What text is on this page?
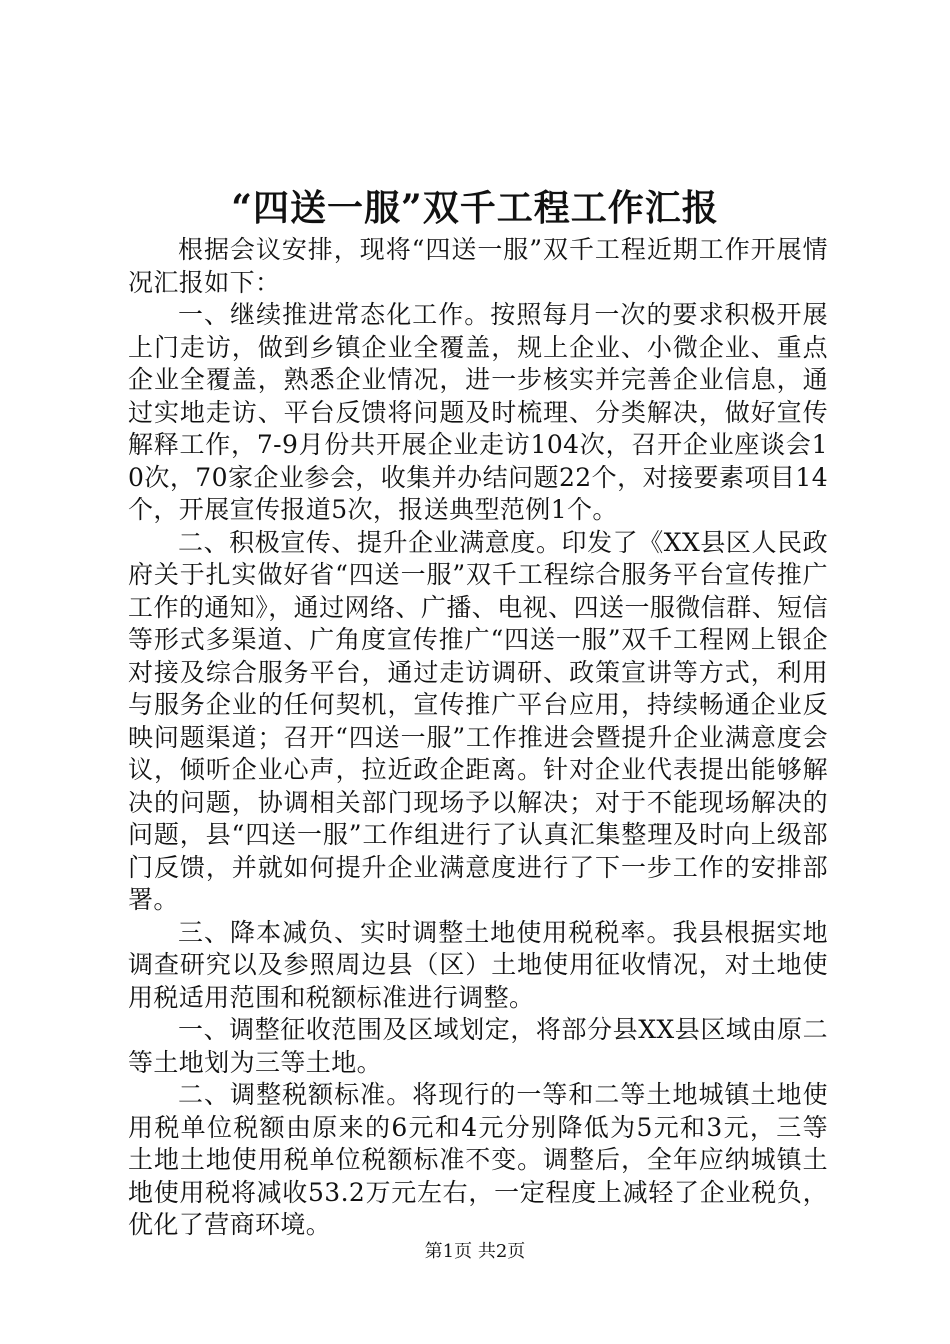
“四送一服”双千工程工作汇报

根据会议安排，现将“四送一服”双千工程近期工作开展情况汇报如下：

一、继续推进常态化工作。按照每月一次的要求积极开展上门走访，做到乡镇企业全覆盖，规上企业、小微企业、重点企业全覆盖，熟悉企业情况，进一步核实并完善企业信息，通过实地走访、平台反馈将问题及时梳理、分类解决，做好宣传解释工作，7-9月份共开展企业走访104次，召开企业座谈会10次，70家企业参会，收集并办结问题22个，对接要素项目14个，开展宣传报道5次，报送典型范例1个。

二、积极宣传、提升企业满意度。印发了《XX县区人民政府关于扎实做好省“四送一服”双千工程综合服务平台宣传推广工作的通知》，通过网络、广播、电视、四送一服微信群、短信等形式多渠道、广角度宣传推广“四送一服”双千工程网上银企对接及综合服务平台，通过走访调研、政策宣讲等方式，利用与服务企业的任何契机，宣传推广平台应用，持续畅通企业反映问题渠道；召开“四送一服”工作推进会暨提升企业满意度会议，倾听企业心声，拉近政企距离。针对企业代表提出能够解决的问题，协调相关部门现场予以解决；对于不能现场解决的问题，县“四送一服”工作组进行了认真汇集整理及时向上级部门反馈，并就如何提升企业满意度进行了下一步工作的安排部署。

三、降本减负、实时调整土地使用税税率。我县根据实地调查研究以及参照周边县（区）土地使用征收情况，对土地使用税适用范围和税额标准进行调整。

一、调整征收范围及区域划定，将部分县XX县区域由原二等土地划为三等土地。

二、调整税额标准。将现行的一等和二等土地城镇土地使用税单位税额由原来的6元和4元分别降低为5元和3元，三等土地土地使用税单位税额标准不变。调整后，全年应纳城镇土地使用税将减收53.2万元左右，一定程度上减轻了企业税负，优化了营商环境。

第1页 共2页
